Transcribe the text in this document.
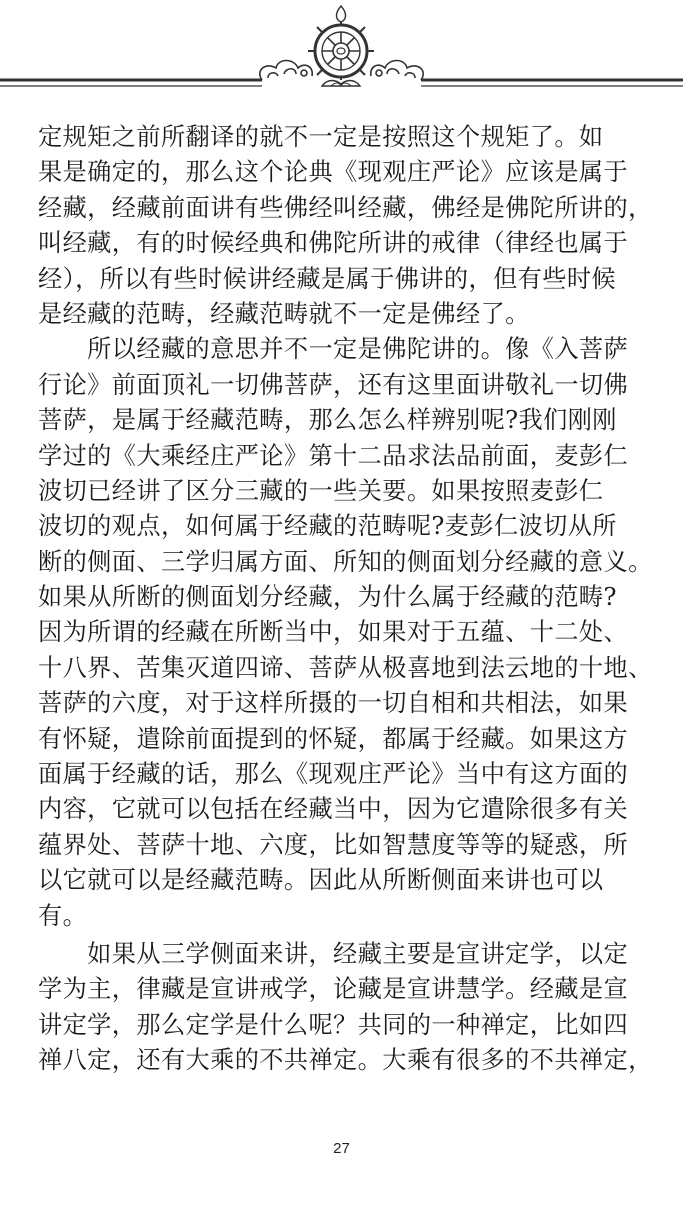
定规矩之前所翻译的就不一定是按照这个规矩了。如
果是确定的，那么这个论典《现观庄严论》应该是属于
经藏，经藏前面讲有些佛经叫经藏，佛经是佛陀所讲的，
叫经藏，有的时候经典和佛陀所讲的戒律（律经也属于
经），所以有些时候讲经藏是属于佛讲的，但有些时候
是经藏的范畴，经藏范畴就不一定是佛经了。
　　所以经藏的意思并不一定是佛陀讲的。像《入菩萨
行论》前面顶礼一切佛菩萨，还有这里面讲敬礼一切佛
菩萨，是属于经藏范畴，那么怎么样辨别呢?我们刚刚
学过的《大乘经庄严论》第十二品求法品前面，麦彭仁
波切已经讲了区分三藏的一些关要。如果按照麦彭仁
波切的观点，如何属于经藏的范畴呢?麦彭仁波切从所
断的侧面、三学归属方面、所知的侧面划分经藏的意义。
如果从所断的侧面划分经藏，为什么属于经藏的范畴?
因为所谓的经藏在所断当中，如果对于五蕴、十二处、
十八界、苦集灭道四谛、菩萨从极喜地到法云地的十地、
菩萨的六度，对于这样所摄的一切自相和共相法，如果
有怀疑，遣除前面提到的怀疑，都属于经藏。如果这方
面属于经藏的话，那么《现观庄严论》当中有这方面的
内容，它就可以包括在经藏当中，因为它遣除很多有关
蕴界处、菩萨十地、六度，比如智慧度等等的疑惑，所
以它就可以是经藏范畴。因此从所断侧面来讲也可以
有。
　　如果从三学侧面来讲，经藏主要是宣讲定学，以定
学为主，律藏是宣讲戒学，论藏是宣讲慧学。经藏是宣
讲定学，那么定学是什么呢？共同的一种禅定，比如四
禅八定，还有大乘的不共禅定。大乘有很多的不共禅定，
27
